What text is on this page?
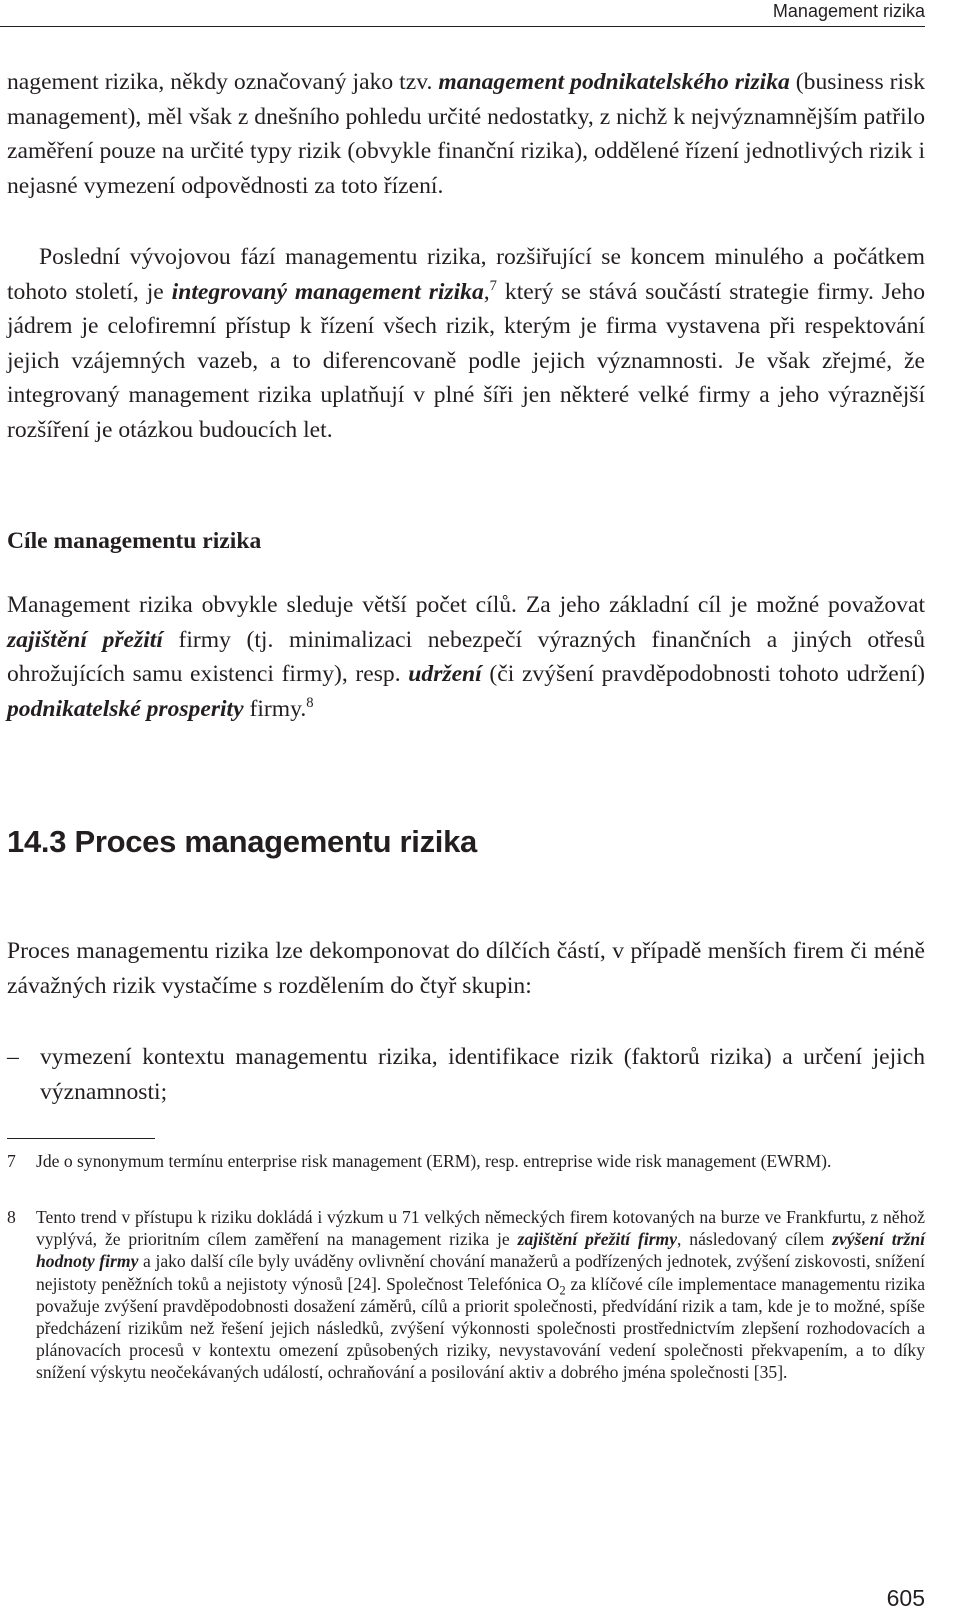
Management rizika

nagement rizika, někdy označovaný jako tzv. management podnikatelského rizika (business risk management), měl však z dnešního pohledu určité nedostatky, z nichž k nejvýznamnějším patřilo zaměření pouze na určité typy rizik (obvykle finanční rizika), oddělené řízení jednotlivých rizik i nejasné vymezení odpovědnosti za toto řízení.

Poslední vývojovou fází managementu rizika, rozšiřující se koncem minulého a počátkem tohoto století, je integrovaný management rizika,$^7$ který se stává součástí strategie firmy. Jeho jádrem je celofiremní přístup k řízení všech rizik, kterým je firma vystavena při respektování jejich vzájemných vazeb, a to diferencovaně podle jejich významnosti. Je však zřejmé, že integrovaný management rizika uplatňují v plné šíři jen některé velké firmy a jeho výraznější rozšíření je otázkou budoucích let.

Cíle managementu rizika

Management rizika obvykle sleduje větší počet cílů. Za jeho základní cíl je možné považovat zajištění přežití firmy (tj. minimalizaci nebezpečí výrazných finančních a jiných otřesů ohrožujících samu existenci firmy), resp. udržení (či zvýšení pravděpodobnosti tohoto udržení) podnikatelské prosperity firmy.$^8$

14.3 Proces managementu rizika

Proces managementu rizika lze dekomponovat do dílčích částí, v případě menších firem či méně závažných rizik vystačíme s rozdělením do čtyř skupin:

– vymezení kontextu managementu rizika, identifikace rizik (faktorů rizika) a určení jejich významnosti;
7 Jde o synonymum termínu enterprise risk management (ERM), resp. entreprise wide risk management (EWRM).
8 Tento trend v přístupu k riziku dokládá i výzkum u 71 velkých německých firem kotovaných na burze ve Frankfurtu, z něhož vyplývá, že prioritním cílem zaměření na management rizika je zajištění přežití firmy, následovaný cílem zvýšení tržní hodnoty firmy a jako další cíle byly uváděny ovlivnění chování manažerů a podřízených jednotek, zvýšení ziskovosti, snížení nejistoty peněžních toků a nejistoty výnosů [24]. Společnost Telefónica $O_2$ za klíčové cíle implementace managementu rizika považuje zvýšení pravděpodobnosti dosažení záměrů, cílů a priorit společnosti, předvídání rizik a tam, kde je to možné, spíše předcházení rizikům než řešení jejich následků, zvýšení výkonnosti společnosti prostřednictvím zlepšení rozhodovacích a plánovacích procesů v kontextu omezení způsobených riziky, nevystavování vedení společnosti překvapením, a to díky snížení výskytu neočekávaných událostí, ochraňování a posilování aktiv a dobrého jména společnosti [35].
605
